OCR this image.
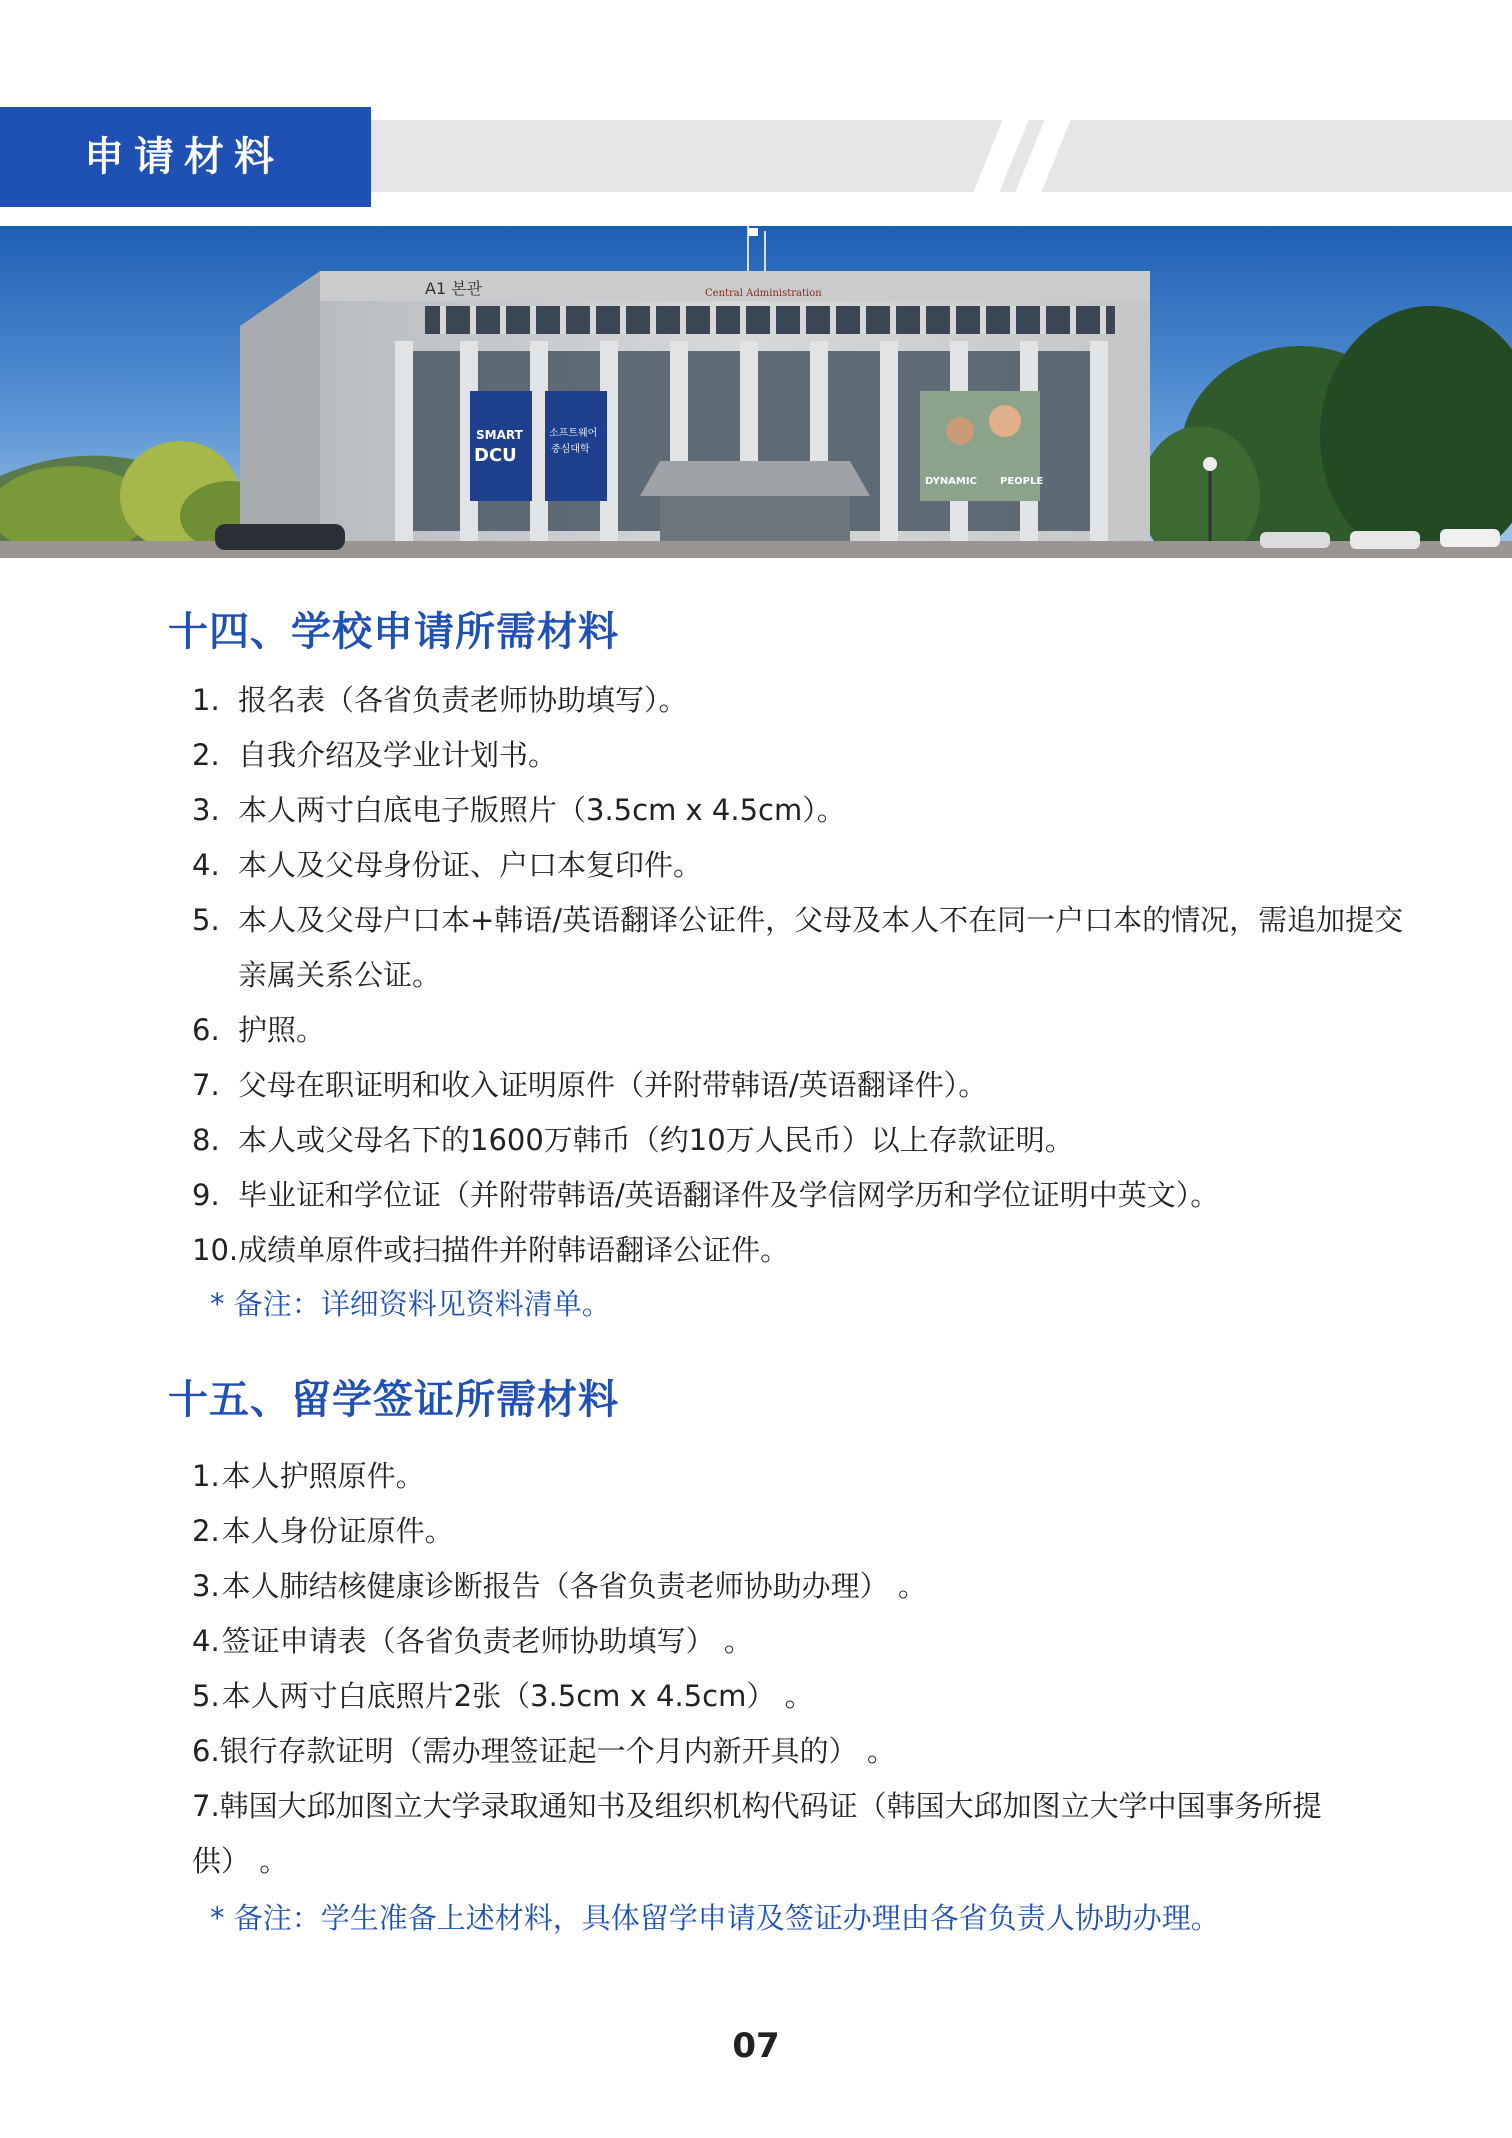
申请材料
A1 본관	Central Administration
SMART
DCU
소프트웨어
중심대학
DYNAMIC PEOPLE
十四、学校申请所需材料
1. 报名表（各省负责老师协助填写）。
2. 自我介绍及学业计划书。
3. 本人两寸白底电子版照片（3.5cm x 4.5cm）。
4. 本人及父母身份证、户口本复印件。
5. 本人及父母户口本+韩语/英语翻译公证件，父母及本人不在同一户口本的情况，需追加提交亲属关系公证。
6. 护照。
7. 父母在职证明和收入证明原件（并附带韩语/英语翻译件）。
8. 本人或父母名下的1600万韩币（约10万人民币）以上存款证明。
9. 毕业证和学位证（并附带韩语/英语翻译件及学信网学历和学位证明中英文）。
10.成绩单原件或扫描件并附韩语翻译公证件。

* 备注：详细资料见资料清单。

十五、留学签证所需材料
1.本人护照原件。
2.本人身份证原件。
3.本人肺结核健康诊断报告（各省负责老师协助办理） 。
4.签证申请表（各省负责老师协助填写） 。
5.本人两寸白底照片2张（3.5cm x 4.5cm） 。
6.银行存款证明（需办理签证起一个月内新开具的） 。
7.韩国大邱加图立大学录取通知书及组织机构代码证（韩国大邱加图立大学中国事务所提供） 。

* 备注：学生准备上述材料，具体留学申请及签证办理由各省负责人协助办理。

07
